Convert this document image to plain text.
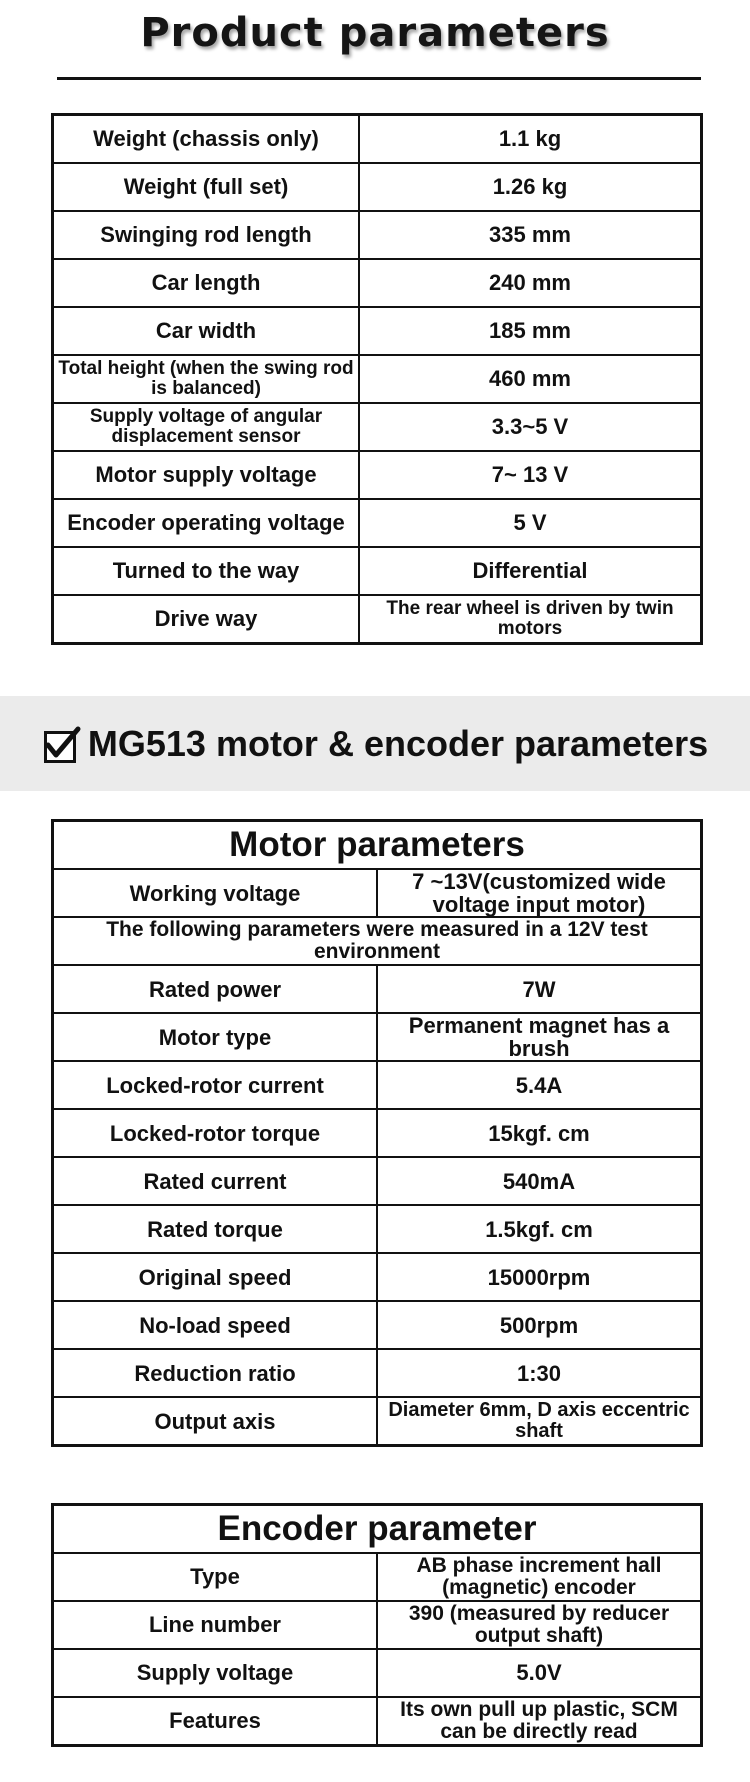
Product parameters
Weight (chassis only)	1.1 kg
Weight (full set)	1.26 kg
Swinging rod length	335 mm
Car length	240 mm
Car width	185 mm
Total height (when the swing rod is balanced)	460 mm
Supply voltage of angular displacement sensor	3.3~5 V
Motor supply voltage	7~ 13 V
Encoder operating voltage	5 V
Turned to the way	Differential
Drive way	The rear wheel is driven by twin motors
MG513 motor & encoder parameters
Motor parameters	
Working voltage	7 ~13V(customized wide voltage input motor)
The following parameters were measured in a 12V test environment	
Rated power	7W
Motor type	Permanent magnet has a brush
Locked-rotor current	5.4A
Locked-rotor torque	15kgf. cm
Rated current	540mA
Rated torque	1.5kgf. cm
Original speed	15000rpm
No-load speed	500rpm
Reduction ratio	1:30
Output axis	Diameter 6mm, D axis eccentric shaft
Encoder parameter	
Type	AB phase increment hall (magnetic) encoder
Line number	390 (measured by reducer output shaft)
Supply voltage	5.0V
Features	Its own pull up plastic, SCM can be directly read
